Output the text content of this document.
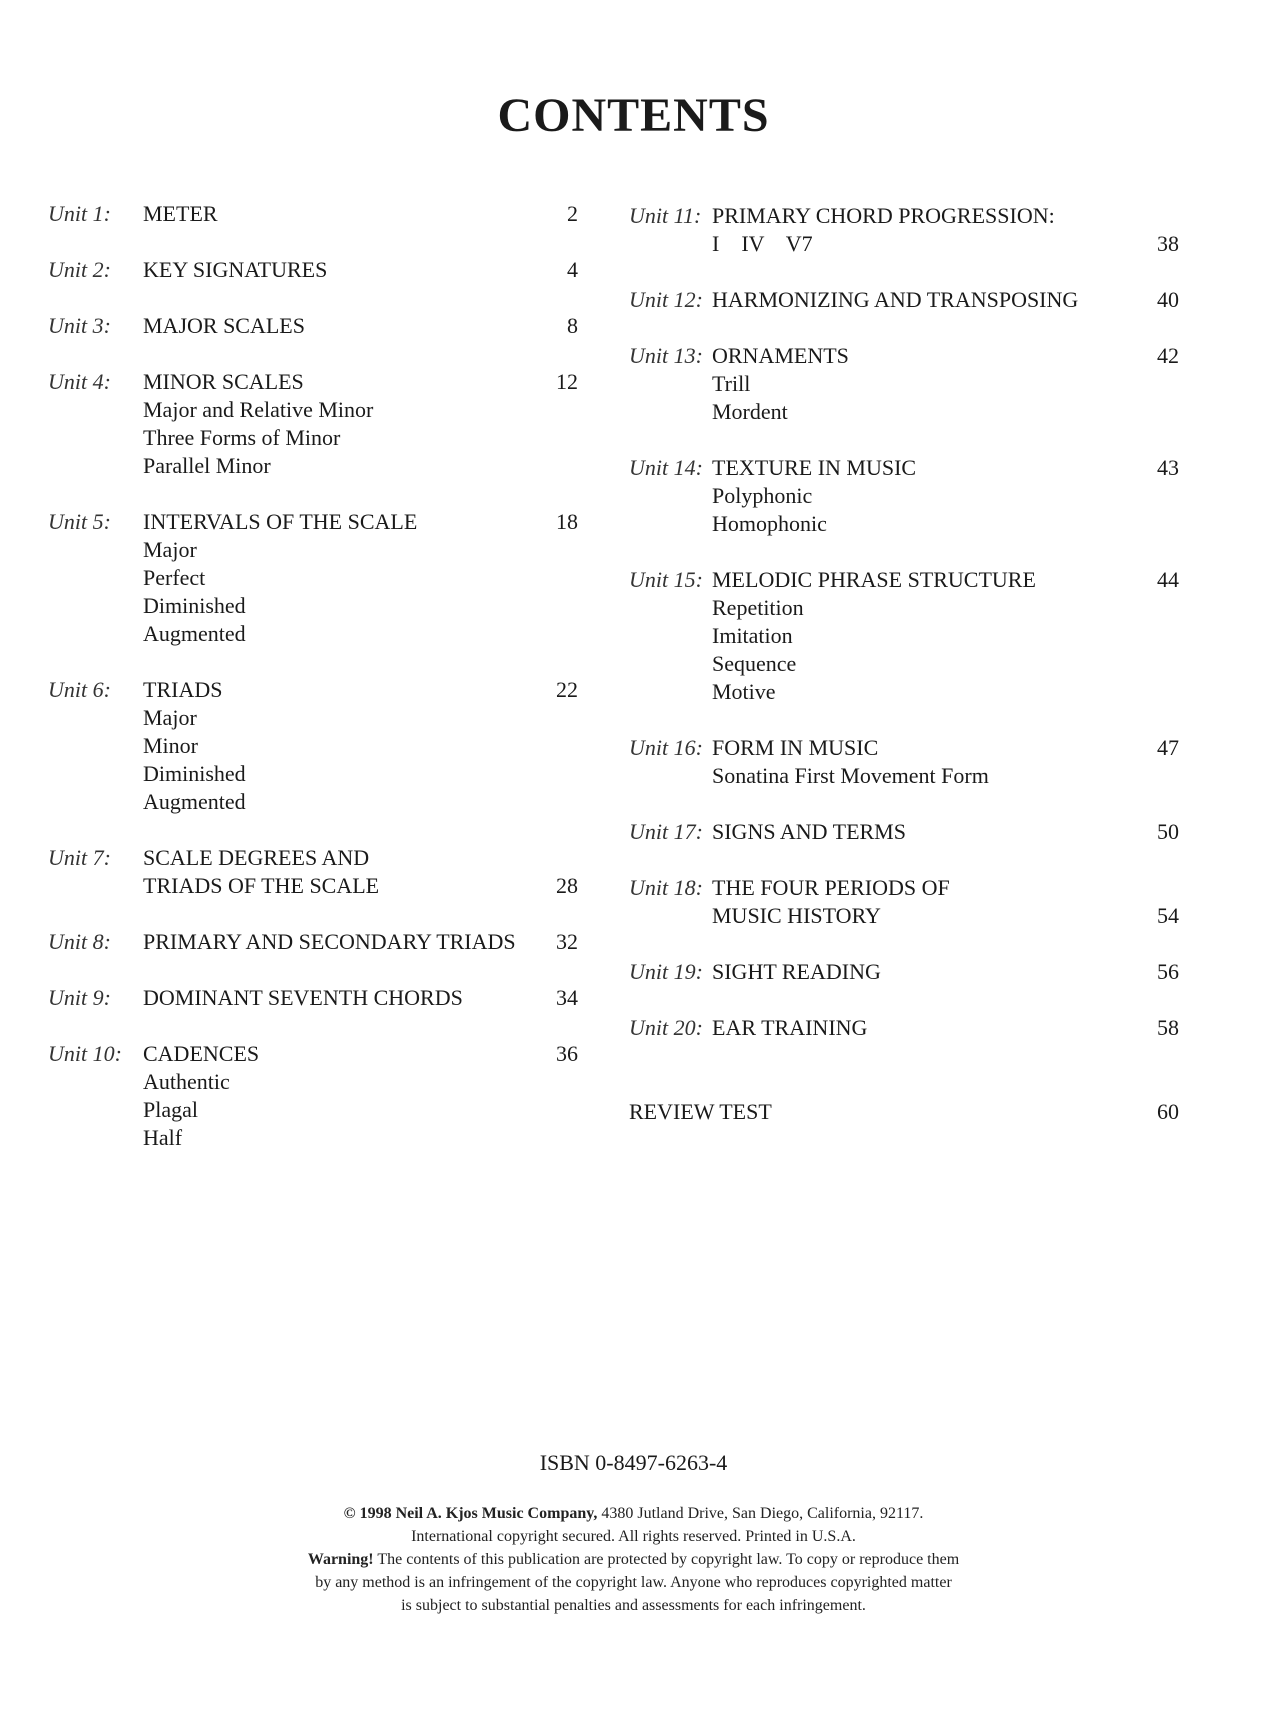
CONTENTS
Unit 1: METER	2
Unit 2: KEY SIGNATURES	4
Unit 3: MAJOR SCALES	8
Unit 4: MINOR SCALES	12
Major and Relative Minor
Three Forms of Minor
Parallel Minor
Unit 5: INTERVALS OF THE SCALE	18
Major
Perfect
Diminished
Augmented
Unit 6: TRIADS	22
Major
Minor
Diminished
Augmented
Unit 7: SCALE DEGREES AND
TRIADS OF THE SCALE	28
Unit 8: PRIMARY AND SECONDARY TRIADS	32
Unit 9: DOMINANT SEVENTH CHORDS	34
Unit 10: CADENCES	36
Authentic
Plagal
Half
Unit 11: PRIMARY CHORD PROGRESSION:
I    IV    V7	38
Unit 12: HARMONIZING AND TRANSPOSING	40
Unit 13: ORNAMENTS	42
Trill
Mordent
Unit 14: TEXTURE IN MUSIC	43
Polyphonic
Homophonic
Unit 15: MELODIC PHRASE STRUCTURE	44
Repetition
Imitation
Sequence
Motive
Unit 16: FORM IN MUSIC	47
Sonatina First Movement Form
Unit 17: SIGNS AND TERMS	50
Unit 18: THE FOUR PERIODS OF
MUSIC HISTORY	54
Unit 19: SIGHT READING	56
Unit 20: EAR TRAINING	58
REVIEW TEST	60
ISBN 0-8497-6263-4
© 1998 Neil A. Kjos Music Company, 4380 Jutland Drive, San Diego, California, 92117.
International copyright secured. All rights reserved. Printed in U.S.A.
Warning! The contents of this publication are protected by copyright law. To copy or reproduce them
by any method is an infringement of the copyright law. Anyone who reproduces copyrighted matter
is subject to substantial penalties and assessments for each infringement.
